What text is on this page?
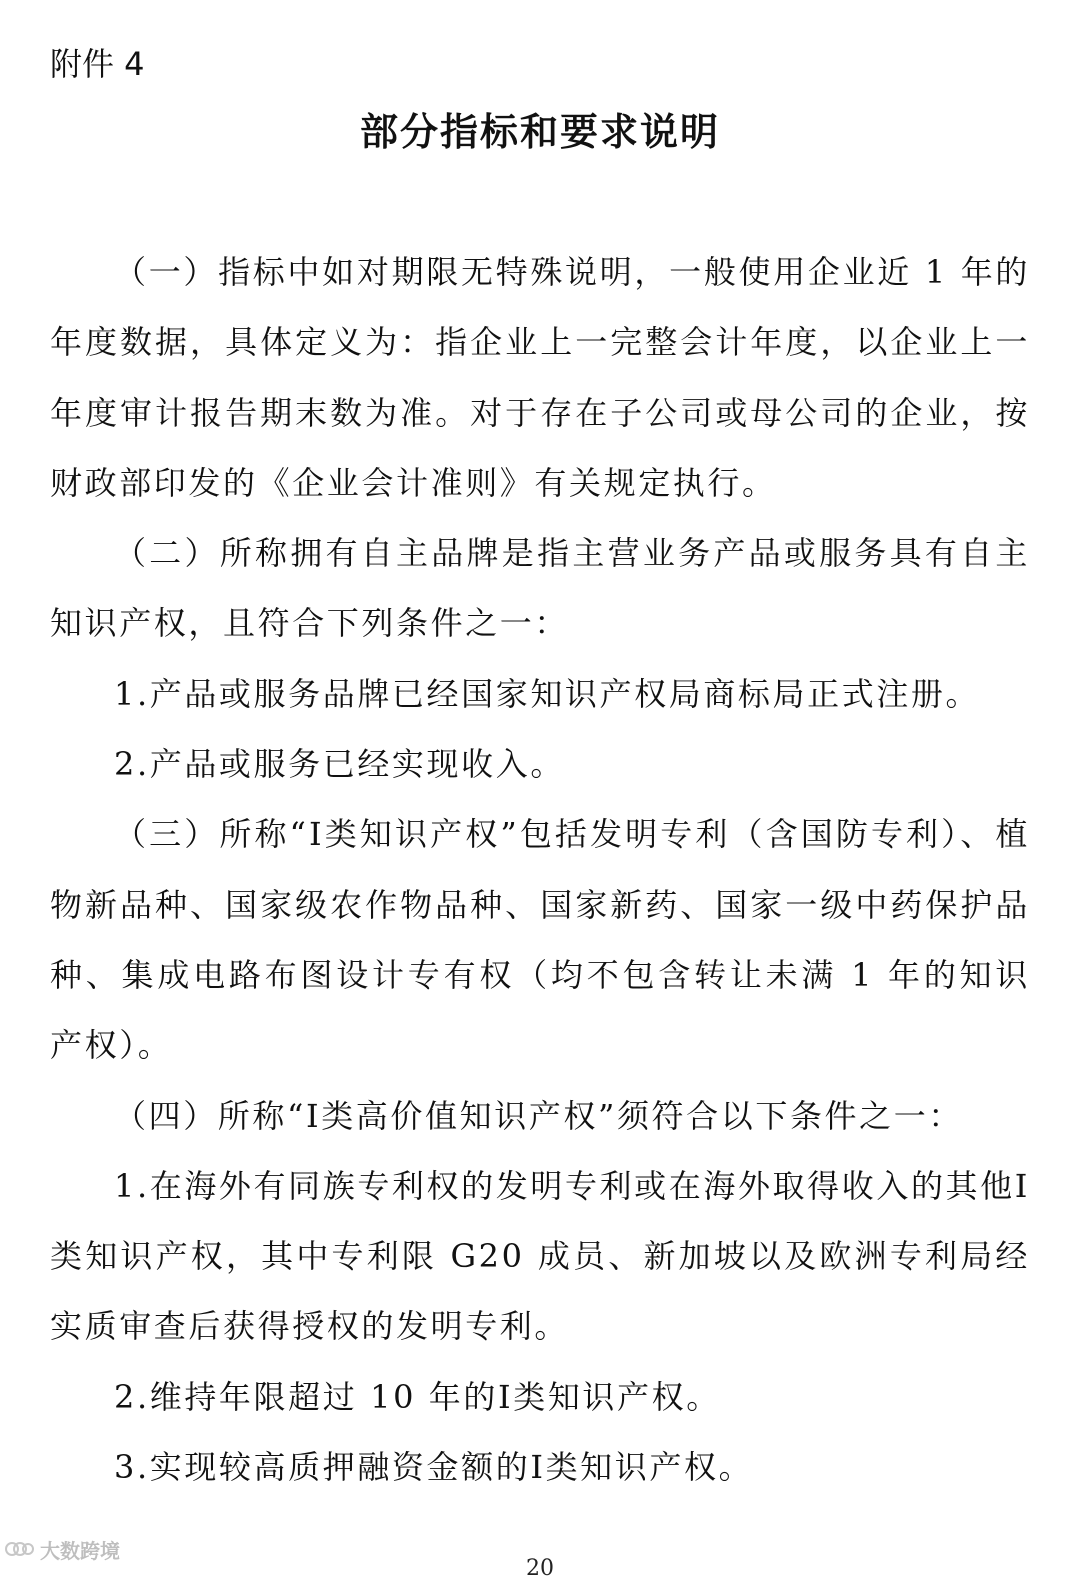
附件 4

部分指标和要求说明

（一）指标中如对期限无特殊说明，一般使用企业近 1 年的年度数据，具体定义为：指企业上一完整会计年度，以企业上一年度审计报告期末数为准。对于存在子公司或母公司的企业，按财政部印发的《企业会计准则》有关规定执行。

（二）所称拥有自主品牌是指主营业务产品或服务具有自主知识产权，且符合下列条件之一：

1.产品或服务品牌已经国家知识产权局商标局正式注册。

2.产品或服务已经实现收入。

（三）所称“Ⅰ类知识产权”包括发明专利（含国防专利）、植物新品种、国家级农作物品种、国家新药、国家一级中药保护品种、集成电路布图设计专有权（均不包含转让未满 1 年的知识产权）。

（四）所称“Ⅰ类高价值知识产权”须符合以下条件之一：

1.在海外有同族专利权的发明专利或在海外取得收入的其他Ⅰ类知识产权，其中专利限 G20 成员、新加坡以及欧洲专利局经实质审查后获得授权的发明专利。

2.维持年限超过 10 年的Ⅰ类知识产权。

3.实现较高质押融资金额的Ⅰ类知识产权。

大数跨境
20
